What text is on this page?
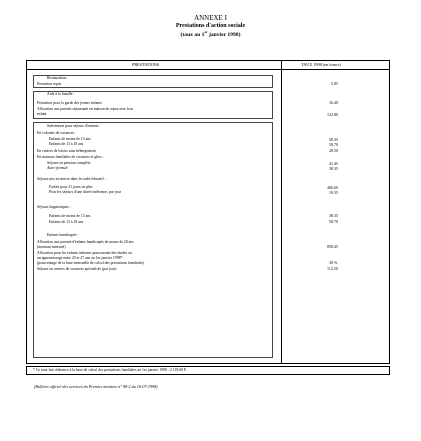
ANNEXE I
Prestations d'action sociale
(taux au 1er janvier 1998)
PRESTATIONS	TAUX 1998 (en francs)
Restauration :
Prestation repas	5.85
Aide à la famille :
Prestation pour la garde des jeunes enfants	16.40
Allocation aux parents séjournant en maison de repos avec leur
enfant	122.80
Subvention pour séjours d'enfants :
En colonies de vacances :
Enfants de moins de 13 ans	38.35
Enfants de 13 à 18 ans	58.70
En centres de loisirs sans hébergement	28.50
En maisons familiales de vacances et gîtes :
Séjours en pension complète	41.45
Autre formule	38.35
Séjours mis en œuvre dans le cadre éducatif :
Forfait pour 21 jours ou plus	406.60
Pour les séjours d'une durée inférieure, par jour	19.35
Séjours linguistiques :
Enfants de moins de 13 ans	38.35
Enfants de 13 à 18 ans	58.70
Enfants handicapés :
Allocation aux parents d'enfants handicapés de moins de 20 ans
(montant mensuel)	858.45
Allocation pour les enfants infirmes poursuivant des études ou
un apprentissage entre 20 et 27 ans au 1er janvier 1998*
(pourcentage de la base mensuelle de calcul des prestations familiales)	30 %
Séjours en centres de vacances spécialisés (par jour)	112.50
* Ce taux fait référence à la base de calcul des prestations familiales au 1er janvier 1998 : 2 118,68 F.
(Bulletin officiel des services du Premier ministre n° 98-2 du 16-07-1998)
